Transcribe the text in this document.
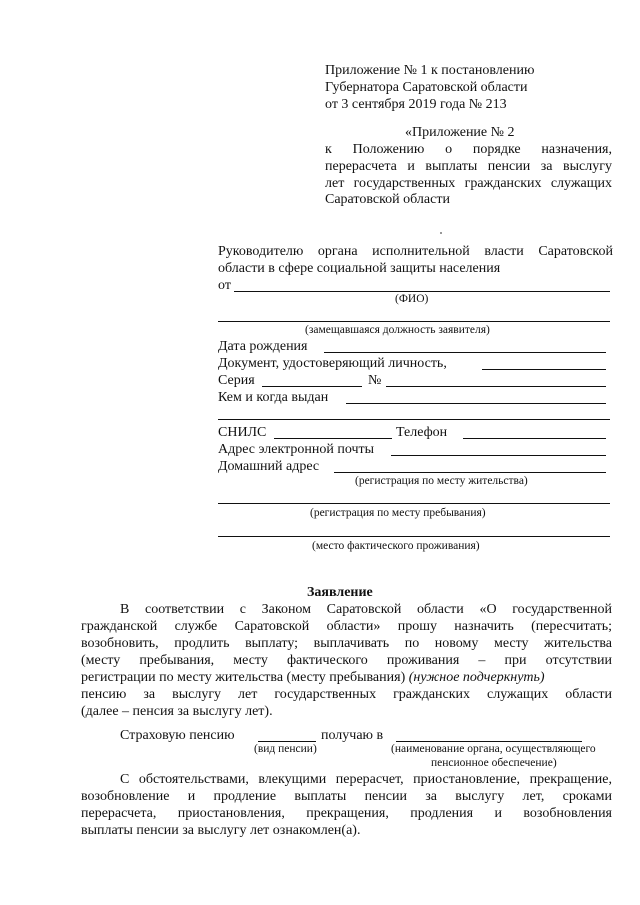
Приложение № 1 к постановлению
Губернатора Саратовской области
от 3 сентября 2019 года № 213
«Приложение № 2
к Положению о порядке назначения,
перерасчета и выплаты пенсии за выслугу
лет государственных гражданских служащих
Саратовской области
Руководителю органа исполнительной власти Саратовской
области в сфере социальной защиты населения
от
(ФИО)
(замещавшаяся должность заявителя)
Дата рождения
Документ, удостоверяющий личность,
Серия	№
Кем и когда выдан
СНИЛС	Телефон
Адрес электронной почты
Домашний адрес
(регистрация по месту жительства)
(регистрация по месту пребывания)
(место фактического проживания)
Заявление
В соответствии с Законом Саратовской области «О государственной
гражданской службе Саратовской области» прошу назначить (пересчитать;
возобновить, продлить выплату; выплачивать по новому месту жительства
(месту пребывания, месту фактического проживания – при отсутствии
регистрации по месту жительства (месту пребывания) (нужное подчеркнуть)
пенсию за выслугу лет государственных гражданских служащих области
(далее – пенсия за выслугу лет).
Страховую пенсию	получаю в
(вид пенсии)	(наименование органа, осуществляющего
пенсионное обеспечение)
С обстоятельствами, влекущими перерасчет, приостановление, прекращение,
возобновление и продление выплаты пенсии за выслугу лет, сроками
перерасчета, приостановления, прекращения, продления и возобновления
выплаты пенсии за выслугу лет ознакомлен(а).
